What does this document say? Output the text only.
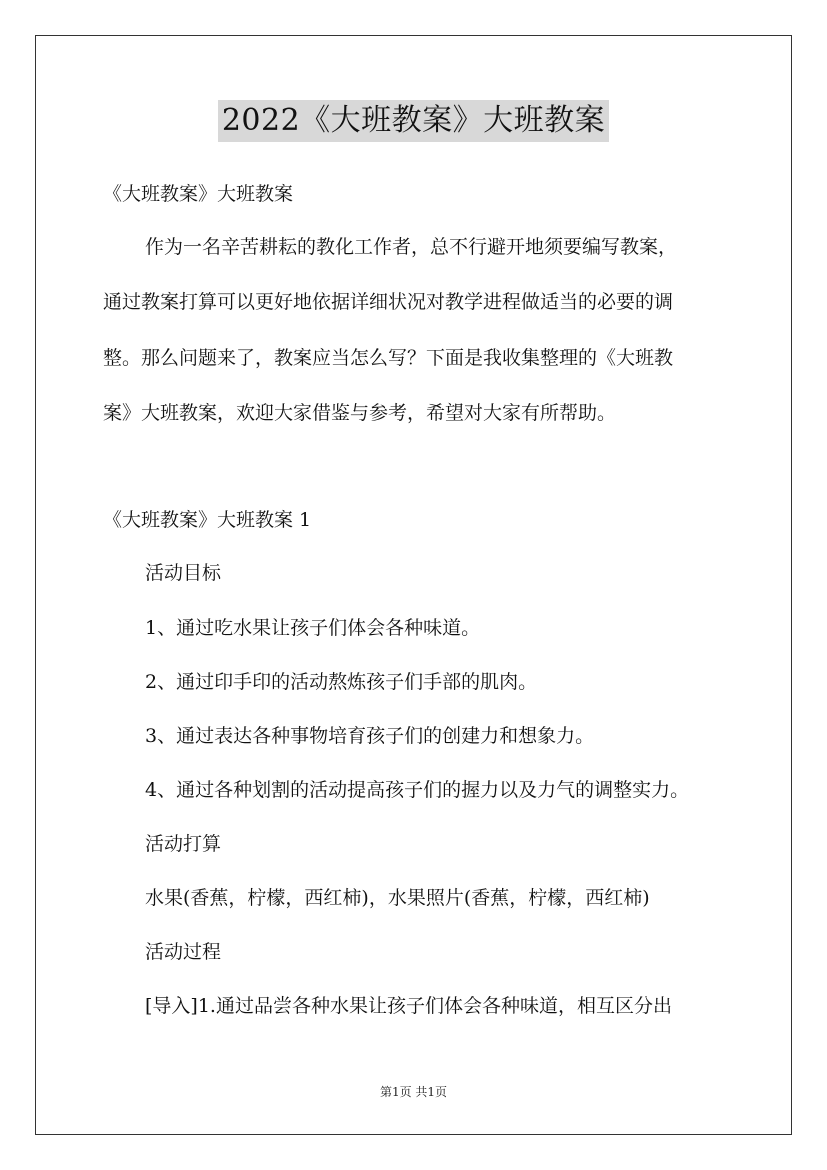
2022《大班教案》大班教案
《大班教案》大班教案
作为一名辛苦耕耘的教化工作者，总不行避开地须要编写教案，
通过教案打算可以更好地依据详细状况对教学进程做适当的必要的调
整。那么问题来了，教案应当怎么写？下面是我收集整理的《大班教
案》大班教案，欢迎大家借鉴与参考，希望对大家有所帮助。
《大班教案》大班教案 1
活动目标
1、通过吃水果让孩子们体会各种味道。
2、通过印手印的活动熬炼孩子们手部的肌肉。
3、通过表达各种事物培育孩子们的创建力和想象力。
4、通过各种划割的活动提高孩子们的握力以及力气的调整实力。
活动打算
水果(香蕉，柠檬，西红柿)，水果照片(香蕉，柠檬，西红柿)
活动过程
[导入]1.通过品尝各种水果让孩子们体会各种味道，相互区分出
第1页 共1页
